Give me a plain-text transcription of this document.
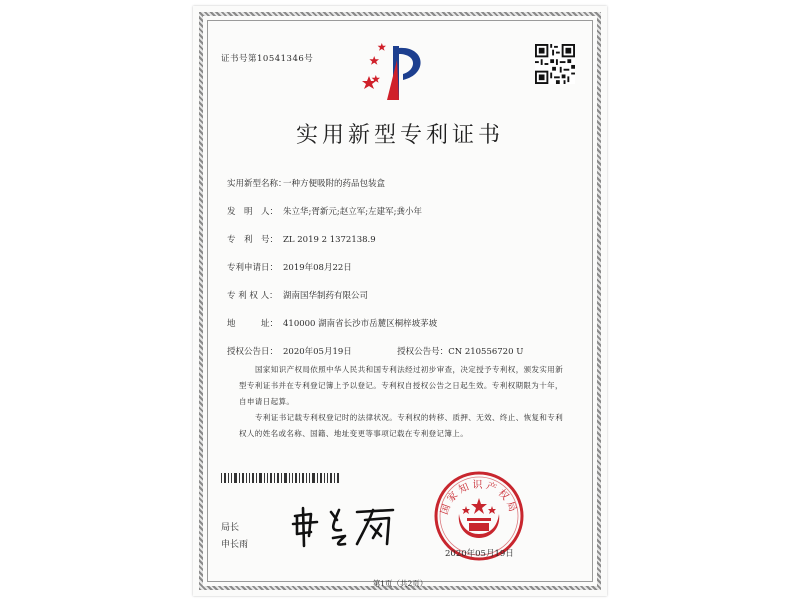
证书号第10541346号
实用新型专利证书
实用新型名称：一种方便吸附的药品包装盒
发　明　人： 朱立华;胥新元;赵立军;左建军;龚小年
专　利　号： ZL 2019 2 1372138.9
专利申请日： 2019年08月22日
专 利 权 人： 湖南国华制药有限公司
地　　　址： 410000 湖南省长沙市岳麓区桐梓坡茅坡
授权公告日： 2020年05月19日	授权公告号：CN 210556720 U
国家知识产权局依照中华人民共和国专利法经过初步审查，决定授予专利权，颁发实用新型专利证书并在专利登记簿上予以登记。专利权自授权公告之日起生效。专利权期限为十年，自申请日起算。
专利证书记载专利权登记时的法律状况。专利权的转移、质押、无效、终止、恢复和专利权人的姓名或名称、国籍、地址变更等事项记载在专利登记簿上。
局长
申长雨
国家知识产权局
2020年05月19日
第1页（共2页）
